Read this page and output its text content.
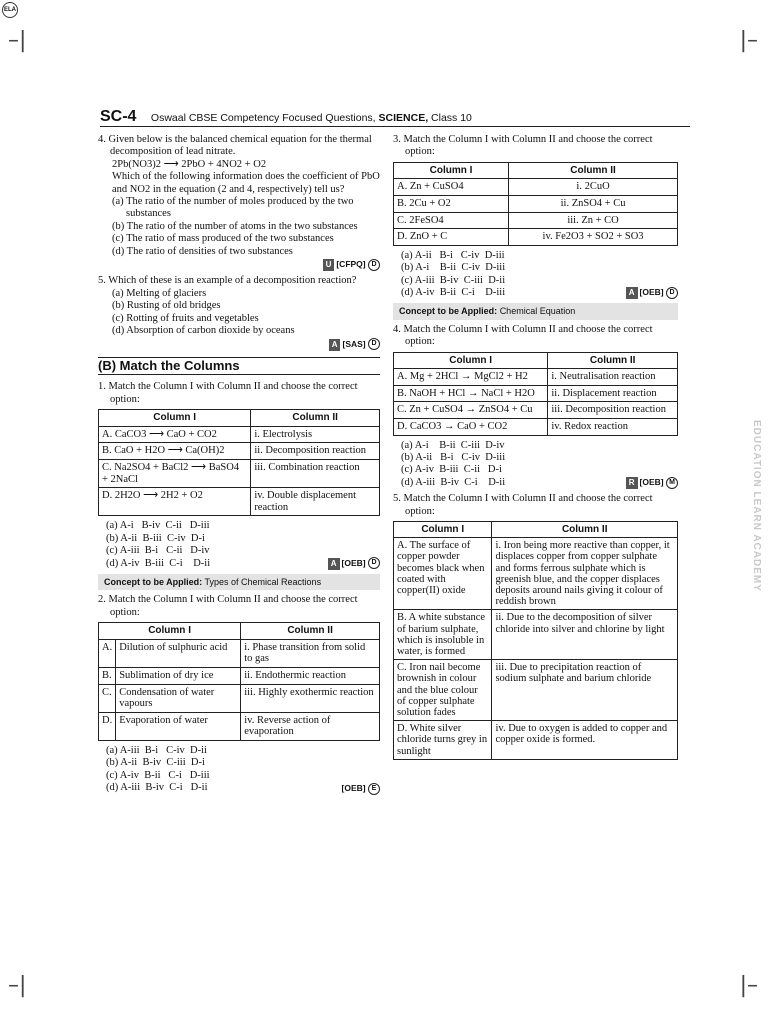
ELA
–|	|–
–|	|–
EDUCATION LEARN ACADEMY
SC-4 Oswaal CBSE Competency Focused Questions, SCIENCE, Class 10
4. Given below is the balanced chemical equation for the thermal decomposition of lead nitrate.
2Pb(NO3)2 ⟶ 2PbO + 4NO2 + O2
Which of the following information does the coefficient of PbO and NO2 in the equation (2 and 4, respectively) tell us?
(a) The ratio of the number of moles produced by the two substances
(b) The ratio of the number of atoms in the two substances
(c) The ratio of mass produced of the two substances
(d) The ratio of densities of two substances
U [CFPQ] D
5. Which of these is an example of a decomposition reaction?
(a) Melting of glaciers
(b) Rusting of old bridges
(c) Rotting of fruits and vegetables
(d) Absorption of carbon dioxide by oceans
A [SAS] D
(B) Match the Columns
1. Match the Column I with Column II and choose the correct option:
Column I	Column II
A. CaCO3 ⟶ CaO + CO2	i. Electrolysis
B. CaO + H2O ⟶ Ca(OH)2	ii. Decomposition reaction
C. Na2SO4 + BaCl2 ⟶ BaSO4 + 2NaCl	iii. Combination reaction
D. 2H2O ⟶ 2H2 + O2	iv. Double displacement reaction
(a) A-i   B-iv  C-ii   D-iii
(b) A-ii  B-iii  C-iv  D-i
(c) A-iii  B-i   C-ii   D-iv
(d) A-iv  B-iii  C-i    D-ii	A [OEB] D
Concept to be Applied: Types of Chemical Reactions
2. Match the Column I with Column II and choose the correct option:
Column I		Column II
A.	Dilution of sulphuric acid	i. Phase transition from solid to gas
B.	Sublimation of dry ice	ii. Endothermic reaction
C.	Condensation of water vapours	iii. Highly exothermic reaction
D.	Evaporation of water	iv. Reverse action of evaporation
(a) A-iii  B-i   C-iv  D-ii
(b) A-ii  B-iv  C-iii  D-i
(c) A-iv  B-ii   C-i   D-iii
(d) A-iii  B-iv  C-i   D-ii	[OEB] E
3. Match the Column I with Column II and choose the correct option:
Column I	Column II
A. Zn + CuSO4	i. 2CuO
B. 2Cu + O2	ii. ZnSO4 + Cu
C. 2FeSO4	iii. Zn + CO
D. ZnO + C	iv. Fe2O3 + SO2 + SO3
(a) A-ii   B-i   C-iv  D-iii
(b) A-i    B-ii  C-iv  D-iii
(c) A-iii  B-iv  C-iii  D-ii
(d) A-iv  B-ii  C-i    D-iii	A [OEB] D
Concept to be Applied: Chemical Equation
4. Match the Column I with Column II and choose the correct option:
Column I	Column II
A. Mg + 2HCl → MgCl2 + H2	i. Neutralisation reaction
B. NaOH + HCl → NaCl + H2O	ii. Displacement reaction
C. Zn + CuSO4 → ZnSO4 + Cu	iii. Decomposition reaction
D. CaCO3 → CaO + CO2	iv. Redox reaction
(a) A-i    B-ii  C-iii  D-iv
(b) A-ii   B-i   C-iv  D-iii
(c) A-iv  B-iii  C-ii   D-i
(d) A-iii  B-iv  C-i    D-ii	R [OEB] M
5. Match the Column I with Column II and choose the correct option:
Column I	Column II
A. The surface of copper powder becomes black when coated with copper(II) oxide	i. Iron being more reactive than copper, it displaces copper from copper sulphate and forms ferrous sulphate which is greenish blue, and the copper displaces deposits around nails giving it colour of reddish brown
B. A white substance of barium sulphate, which is insoluble in water, is formed	ii. Due to the decomposition of silver chloride into silver and chlorine by light
C. Iron nail become brownish in colour and the blue colour of copper sulphate solution fades	iii. Due to precipitation reaction of sodium sulphate and barium chloride
D. White silver chloride turns grey in sunlight	iv. Due to oxygen is added to copper and copper oxide is formed.
